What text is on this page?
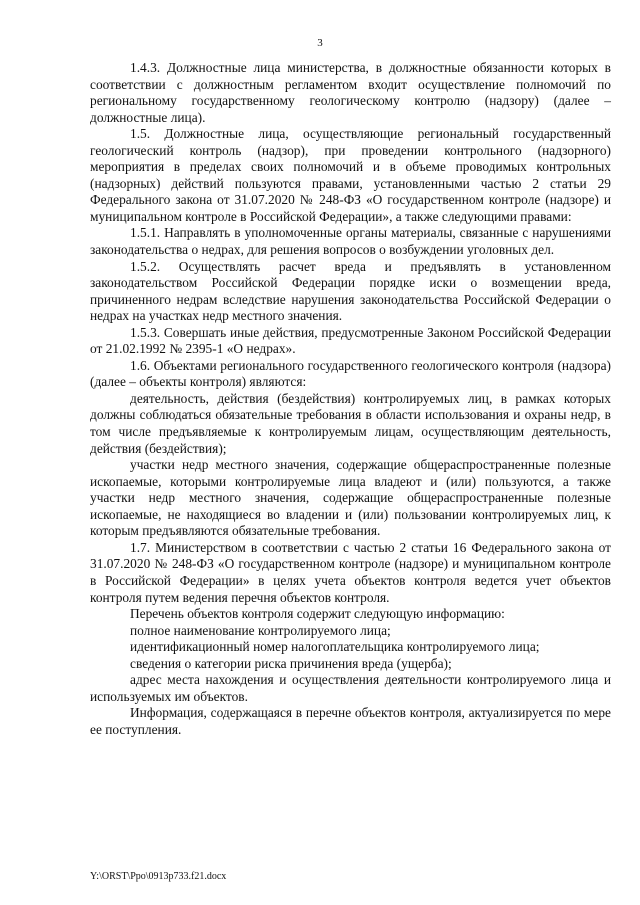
3

1.4.3. Должностные лица министерства, в должностные обязанности которых в соответствии с должностным регламентом входит осуществление полномочий по региональному государственному геологическому контролю (надзору) (далее – должностные лица).

1.5. Должностные лица, осуществляющие региональный государственный геологический контроль (надзор), при проведении контрольного (надзорного) мероприятия в пределах своих полномочий и в объеме проводимых контрольных (надзорных) действий пользуются правами, установленными частью 2 статьи 29 Федерального закона от 31.07.2020 № 248-ФЗ «О государственном контроле (надзоре) и муниципальном контроле в Российской Федерации», а также следующими правами:

1.5.1. Направлять в уполномоченные органы материалы, связанные с нарушениями законодательства о недрах, для решения вопросов о возбуждении уголовных дел.

1.5.2. Осуществлять расчет вреда и предъявлять в установленном законодательством Российской Федерации порядке иски о возмещении вреда, причиненного недрам вследствие нарушения законодательства Российской Федерации о недрах на участках недр местного значения.

1.5.3. Совершать иные действия, предусмотренные Законом Российской Федерации от 21.02.1992 № 2395-1 «О недрах».

1.6. Объектами регионального государственного геологического контроля (надзора) (далее – объекты контроля) являются:

деятельность, действия (бездействия) контролируемых лиц, в рамках которых должны соблюдаться обязательные требования в области использования и охраны недр, в том числе предъявляемые к контролируемым лицам, осуществляющим деятельность, действия (бездействия);

участки недр местного значения, содержащие общераспространенные полезные ископаемые, которыми контролируемые лица владеют и (или) пользуются, а также участки недр местного значения, содержащие общераспространенные полезные ископаемые, не находящиеся во владении и (или) пользовании контролируемых лиц, к которым предъявляются обязательные требования.

1.7. Министерством в соответствии с частью 2 статьи 16 Федерального закона от 31.07.2020 № 248-ФЗ «О государственном контроле (надзоре) и муниципальном контроле в Российской Федерации» в целях учета объектов контроля ведется учет объектов контроля путем ведения перечня объектов контроля.

Перечень объектов контроля содержит следующую информацию:

полное наименование контролируемого лица;

идентификационный номер налогоплательщика контролируемого лица;

сведения о категории риска причинения вреда (ущерба);

адрес места нахождения и осуществления деятельности контролируемого лица и используемых им объектов.

Информация, содержащаяся в перечне объектов контроля, актуализируется по мере ее поступления.

Y:\ORST\Ppo\0913p733.f21.docx
